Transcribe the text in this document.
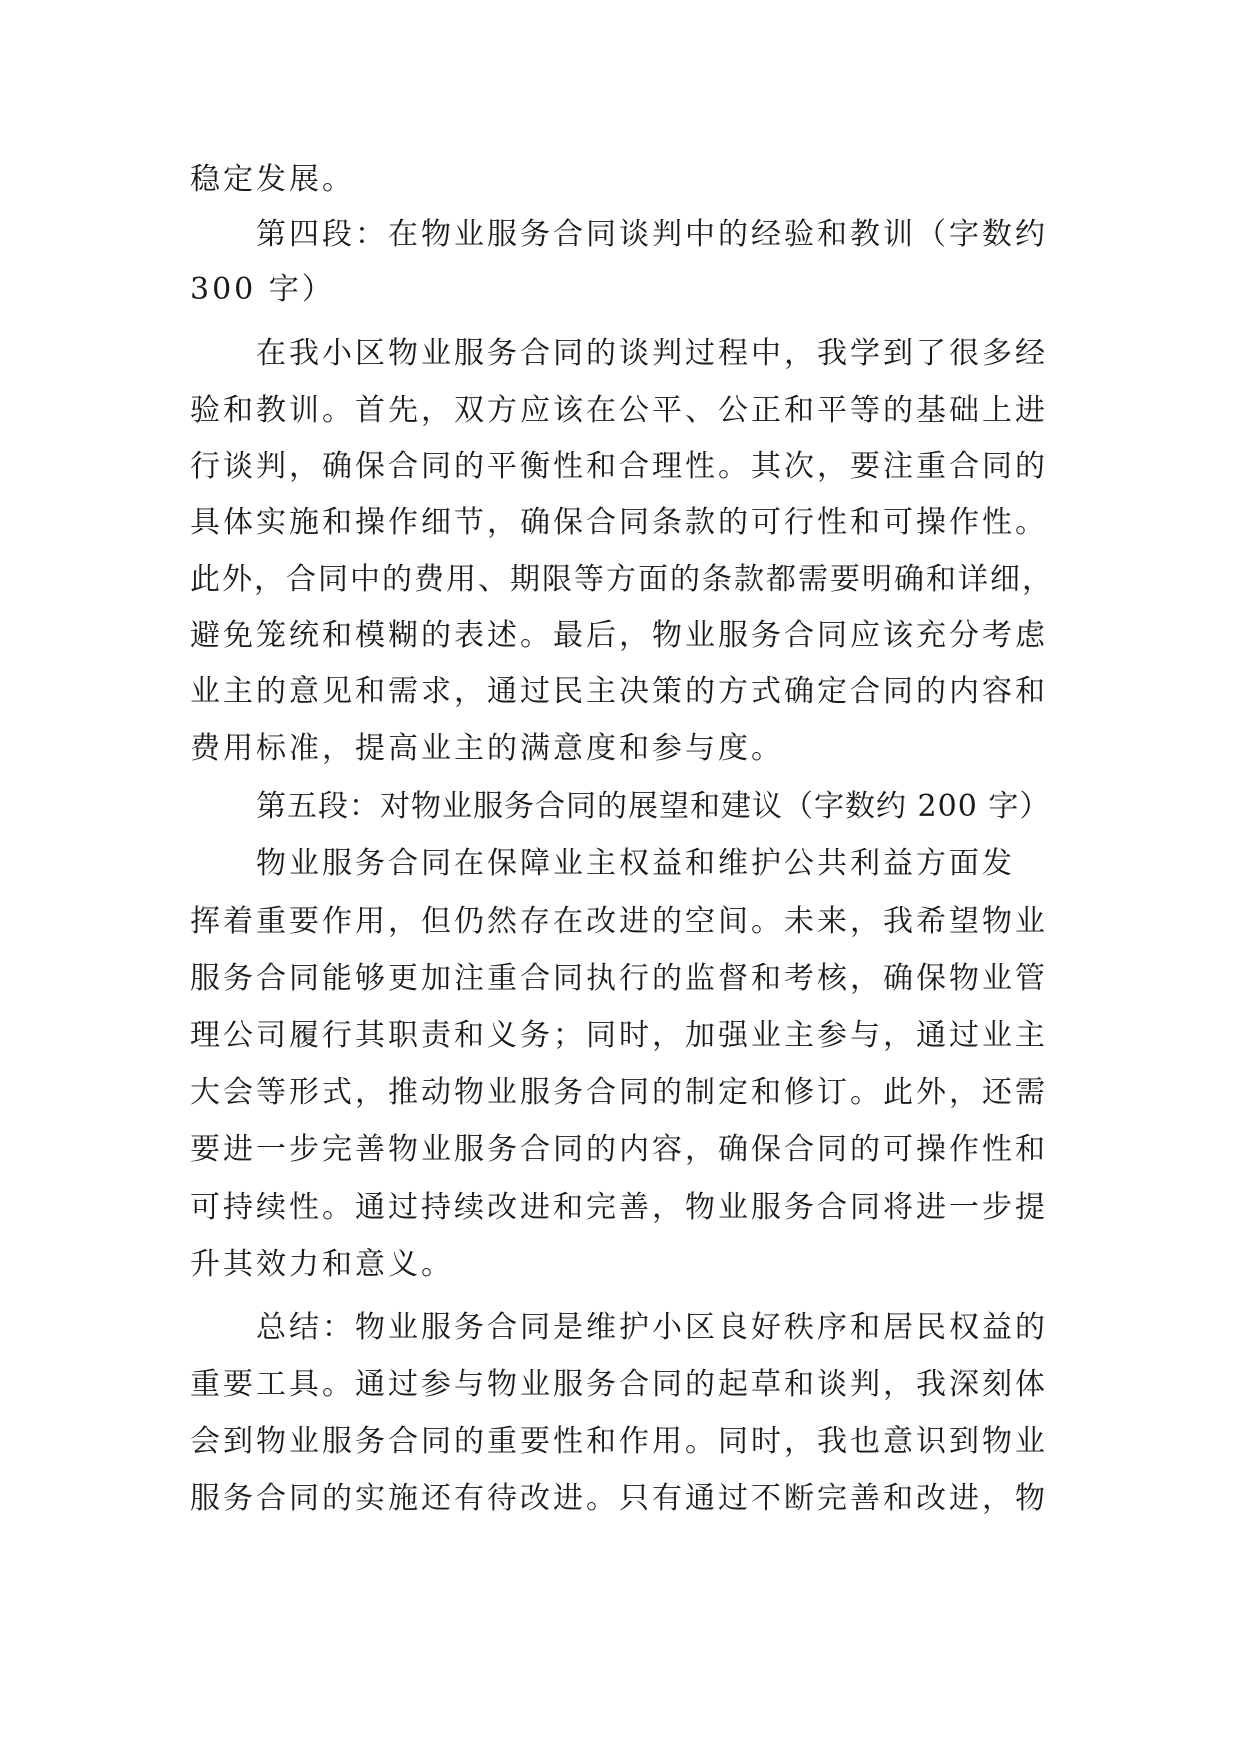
稳定发展。
第四段：在物业服务合同谈判中的经验和教训（字数约
300 字）
在我小区物业服务合同的谈判过程中，我学到了很多经
验和教训。首先，双方应该在公平、公正和平等的基础上进
行谈判，确保合同的平衡性和合理性。其次，要注重合同的
具体实施和操作细节，确保合同条款的可行性和可操作性。
此外，合同中的费用、期限等方面的条款都需要明确和详细，
避免笼统和模糊的表述。最后，物业服务合同应该充分考虑
业主的意见和需求，通过民主决策的方式确定合同的内容和
费用标准，提高业主的满意度和参与度。
第五段：对物业服务合同的展望和建议（字数约 200 字）
物业服务合同在保障业主权益和维护公共利益方面发
挥着重要作用，但仍然存在改进的空间。未来，我希望物业
服务合同能够更加注重合同执行的监督和考核，确保物业管
理公司履行其职责和义务；同时，加强业主参与，通过业主
大会等形式，推动物业服务合同的制定和修订。此外，还需
要进一步完善物业服务合同的内容，确保合同的可操作性和
可持续性。通过持续改进和完善，物业服务合同将进一步提
升其效力和意义。
总结：物业服务合同是维护小区良好秩序和居民权益的
重要工具。通过参与物业服务合同的起草和谈判，我深刻体
会到物业服务合同的重要性和作用。同时，我也意识到物业
服务合同的实施还有待改进。只有通过不断完善和改进，物
